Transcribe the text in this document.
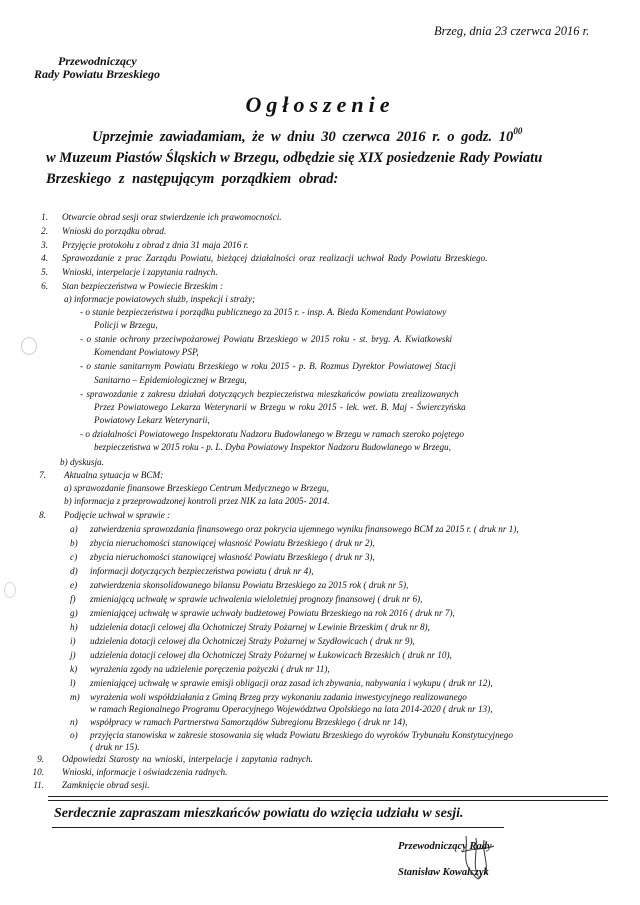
Brzeg, dnia 23 czerwca 2016 r.
Przewodniczący
Rady Powiatu Brzeskiego
Ogłoszenie
Uprzejmie zawiadamiam, że w dniu 30 czerwca 2016 r. o godz. $10^{00}$
w Muzeum Piastów Śląskich w Brzegu, odbędzie się XIX posiedzenie Rady Powiatu
Brzeskiego z następującym porządkiem obrad:
1. Otwarcie obrad sesji oraz stwierdzenie ich prawomocności.
2. Wnioski do porządku obrad.
3. Przyjęcie protokołu z obrad z dnia 31 maja 2016 r.
4. Sprawozdanie z prac Zarządu Powiatu, bieżącej działalności oraz realizacji uchwał Rady Powiatu Brzeskiego.
5. Wnioski, interpelacje i zapytania radnych.
6. Stan bezpieczeństwa w Powiecie Brzeskim :
a) informacje powiatowych służb, inspekcji i straży;
- o stanie bezpieczeństwa i porządku publicznego za 2015 r. - insp. A. Bieda Komendant Powiatowy
Policji w Brzegu,
- o stanie ochrony przeciwpożarowej Powiatu Brzeskiego w 2015 roku - st. bryg. A. Kwiatkowski
Komendant Powiatowy PSP,
- o stanie sanitarnym Powiatu Brzeskiego w roku 2015 - p. B. Rozmus Dyrektor Powiatowej Stacji
Sanitarno – Epidemiologicznej w Brzegu,
- sprawozdanie z zakresu działań dotyczących bezpieczeństwa mieszkańców powiatu zrealizowanych
Przez Powiatowego Lekarza Weterynarii w Brzegu w roku 2015 - lek. wet. B. Maj - Świerczyńska
Powiatowy Lekarz Weterynarii,
- o działalności Powiatowego Inspektoratu Nadzoru Budowlanego w Brzegu w ramach szeroko pojętego
bezpieczeństwa w 2015 roku - p. L. Dyba Powiatowy Inspektor Nadzoru Budowlanego w Brzegu,
b) dyskusja.
7. Aktualna sytuacja w BCM:
a) sprawozdanie finansowe Brzeskiego Centrum Medycznego w Brzegu,
b) informacja z przeprowadzonej kontroli przez NIK za lata 2005- 2014.
8. Podjęcie uchwał w sprawie :
a) zatwierdzenia sprawozdania finansowego oraz pokrycia ujemnego wyniku finansowego BCM za 2015 r. ( druk nr 1),
b) zbycia nieruchomości stanowiącej własność Powiatu Brzeskiego ( druk nr 2),
c) zbycia nieruchomości stanowiącej własność Powiatu Brzeskiego ( druk nr 3),
d) informacji dotyczących bezpieczeństwa powiatu ( druk nr 4),
e) zatwierdzenia skonsolidowanego bilansu Powiatu Brzeskiego za 2015 rok ( druk nr 5),
f) zmieniającą uchwałę w sprawie uchwalenia wieloletniej prognozy finansowej ( druk nr 6),
g) zmieniającej uchwałę w sprawie uchwały budżetowej Powiatu Brzeskiego na rok 2016 ( druk nr 7),
h) udzielenia dotacji celowej dla Ochotniczej Straży Pożarnej w Lewinie Brzeskim ( druk nr 8),
i) udzielenia dotacji celowej dla Ochotniczej Straży Pożarnej w Szydłowicach ( druk nr 9),
j) udzielenia dotacji celowej dla Ochotniczej Straży Pożarnej w Łukowicach Brzeskich ( druk nr 10),
k) wyrażenia zgody na udzielenie poręczenia pożyczki ( druk nr 11),
l) zmieniającej uchwałę w sprawie emisji obligacji oraz zasad ich zbywania, nabywania i wykupu ( druk nr 12),
m) wyrażenia woli współdziałania z Gminą Brzeg przy wykonaniu zadania inwestycyjnego realizowanego
w ramach Regionalnego Programu Operacyjnego Województwa Opolskiego na lata 2014-2020 ( druk nr 13),
n) współpracy w ramach Partnerstwa Samorządów Subregionu Brzeskiego ( druk nr 14),
o) przyjęcia stanowiska w zakresie stosowania się władz Powiatu Brzeskiego do wyroków Trybunału Konstytucyjnego
( druk nr 15).
9. Odpowiedzi Starosty na wnioski, interpelacje i zapytania radnych.
10. Wnioski, informacje i oświadczenia radnych.
11. Zamknięcie obrad sesji.
Serdecznie zapraszam mieszkańców powiatu do wzięcia udziału w sesji.
Przewodniczący Rady
Stanisław Kowalczyk
